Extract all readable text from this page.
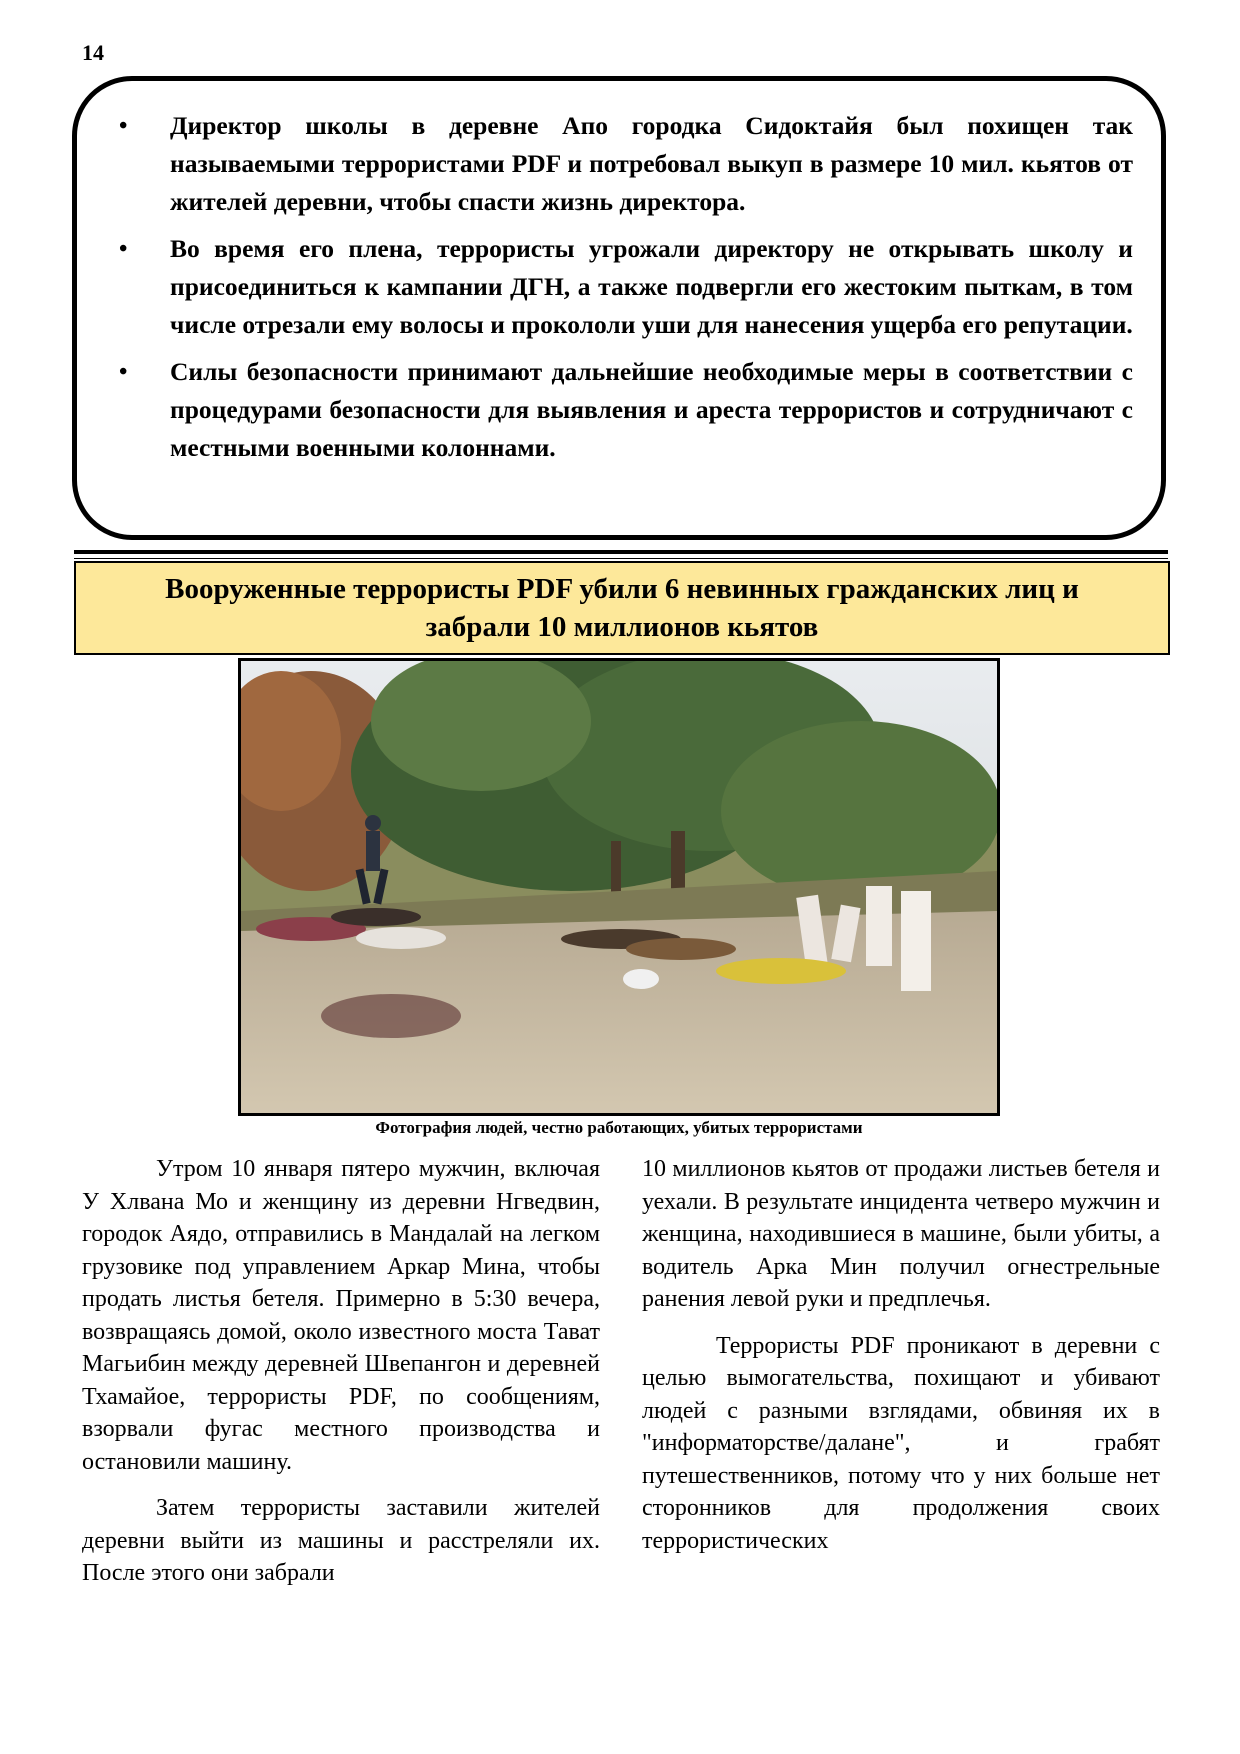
14
• Директор школы в деревне Апо городка Сидоктайя был похищен так называемыми террористами PDF и потребовал выкуп в размере 10 мил. кьятов от жителей деревни, чтобы спасти жизнь директора.
• Во время его плена, террористы угрожали директору не открывать школу и присоединиться к кампании ДГН, а также подвергли его жестоким пыткам, в том числе отрезали ему волосы и прокололи уши для нанесения ущерба его репутации.
• Силы безопасности принимают дальнейшие необходимые меры в соответствии с процедурами безопасности для выявления и ареста террористов и сотрудничают с местными военными колоннами.
Вооруженные террористы PDF убили 6 невинных гражданских лиц и забрали 10 миллионов кьятов
Фотография людей, честно работающих, убитых террористами

Утром 10 января пятеро мужчин, включая У Хлвана Мо и женщину из деревни Нгведвин, городок Аядо, отправились в Мандалай на легком грузовике под управлением Аркар Мина, чтобы продать листья бетеля. Примерно в 5:30 вечера, возвращаясь домой, около известного моста Тават Магьибин между деревней Швепангон и деревней Тхамайое, террористы PDF, по сообщениям, взорвали фугас местного производства и остановили машину.

Затем террористы заставили жителей деревни выйти из машины и расстреляли их. После этого они забрали

10 миллионов кьятов от продажи листьев бетеля и уехали. В результате инцидента четверо мужчин и женщина, находившиеся в машине, были убиты, а водитель Арка Мин получил огнестрельные ранения левой руки и предплечья.

Террористы PDF проникают в деревни с целью вымогательства, похищают и убивают людей с разными взглядами, обвиняя их в "информаторстве/далане", и грабят путешественников, потому что у них больше нет сторонников для продолжения своих террористических
